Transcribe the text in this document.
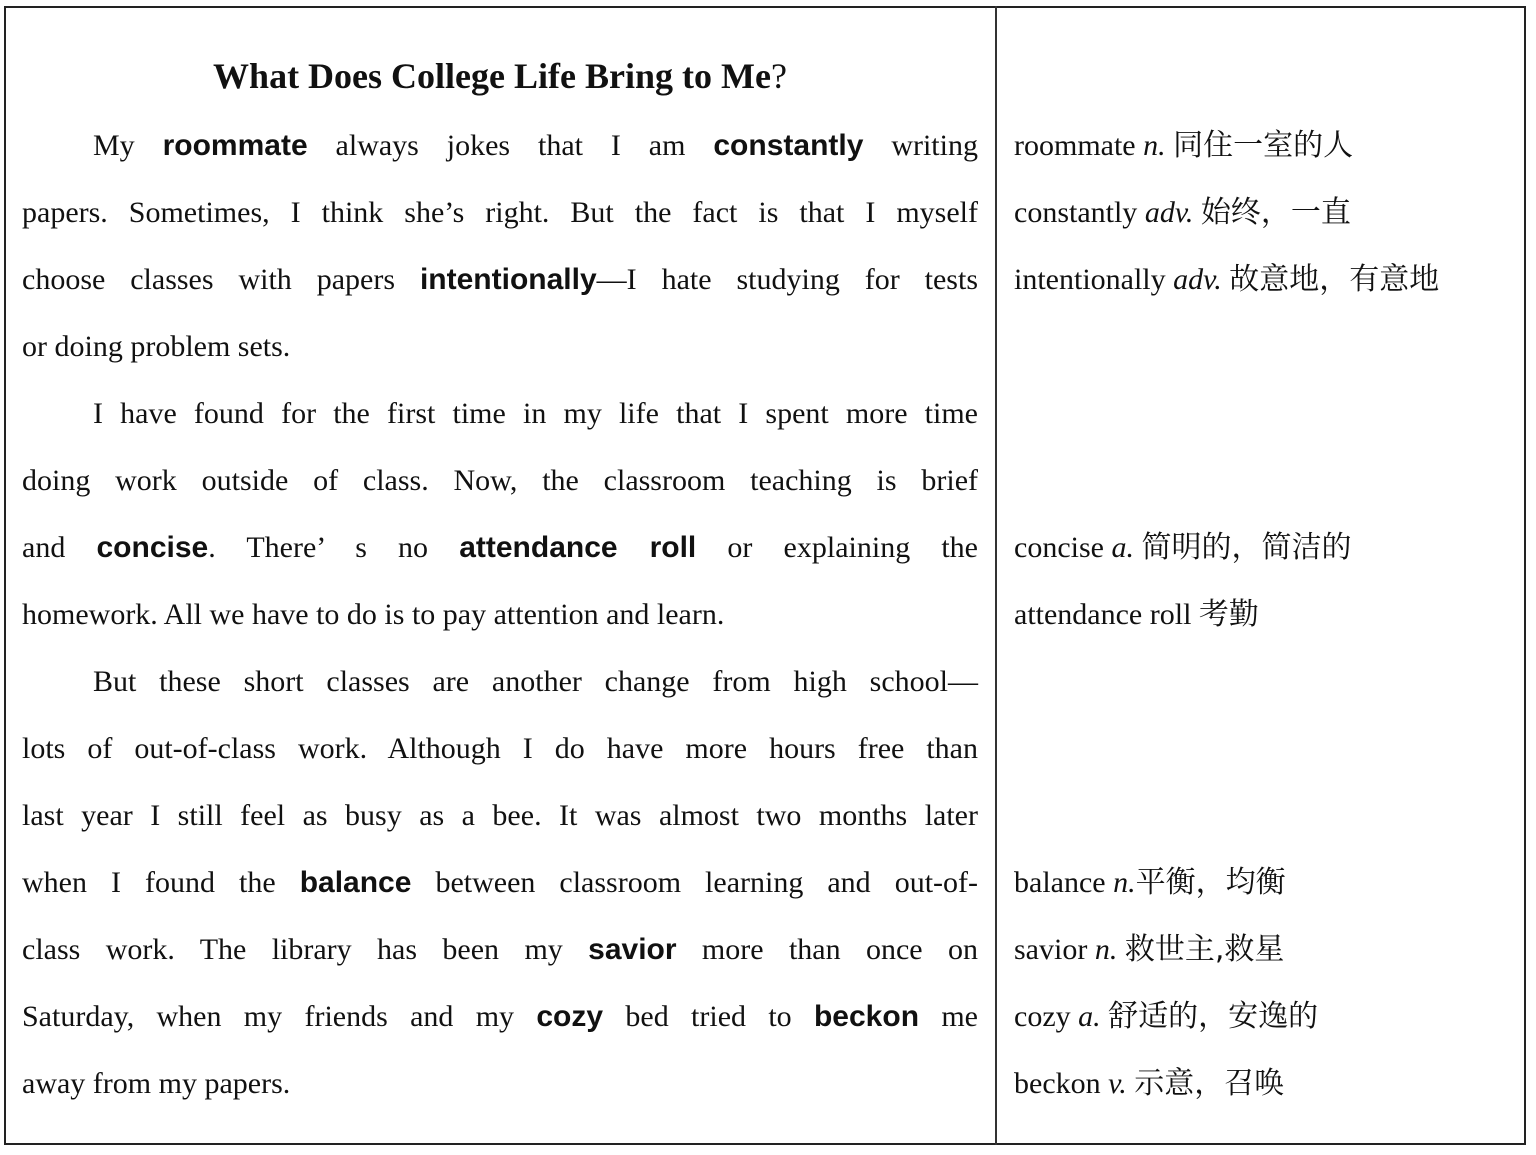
What Does College Life Bring to Me?
My roommate always jokes that I am constantly writing
papers. Sometimes, I think she’s right. But the fact is that I myself
choose classes with papers intentionally—I hate studying for tests
or doing problem sets.
I have found for the first time in my life that I spent more time
doing work outside of class. Now, the classroom teaching is brief
and concise. There’ s no attendance roll or explaining the
homework. All we have to do is to pay attention and learn.
But these short classes are another change from high school—
lots of out-of-class work. Although I do have more hours free than
last year I still feel as busy as a bee. It was almost two months later
when I found the balance between classroom learning and out-of-
class work. The library has been my savior more than once on
Saturday, when my friends and my cozy bed tried to beckon me
away from my papers.
roommate n. 同住一室的人
constantly adv. 始终，一直
intentionally adv. 故意地，有意地
concise a. 简明的，简洁的
attendance roll 考勤
balance n.平衡，均衡
savior n. 救世主,救星
cozy a. 舒适的，安逸的
beckon v. 示意，召唤
